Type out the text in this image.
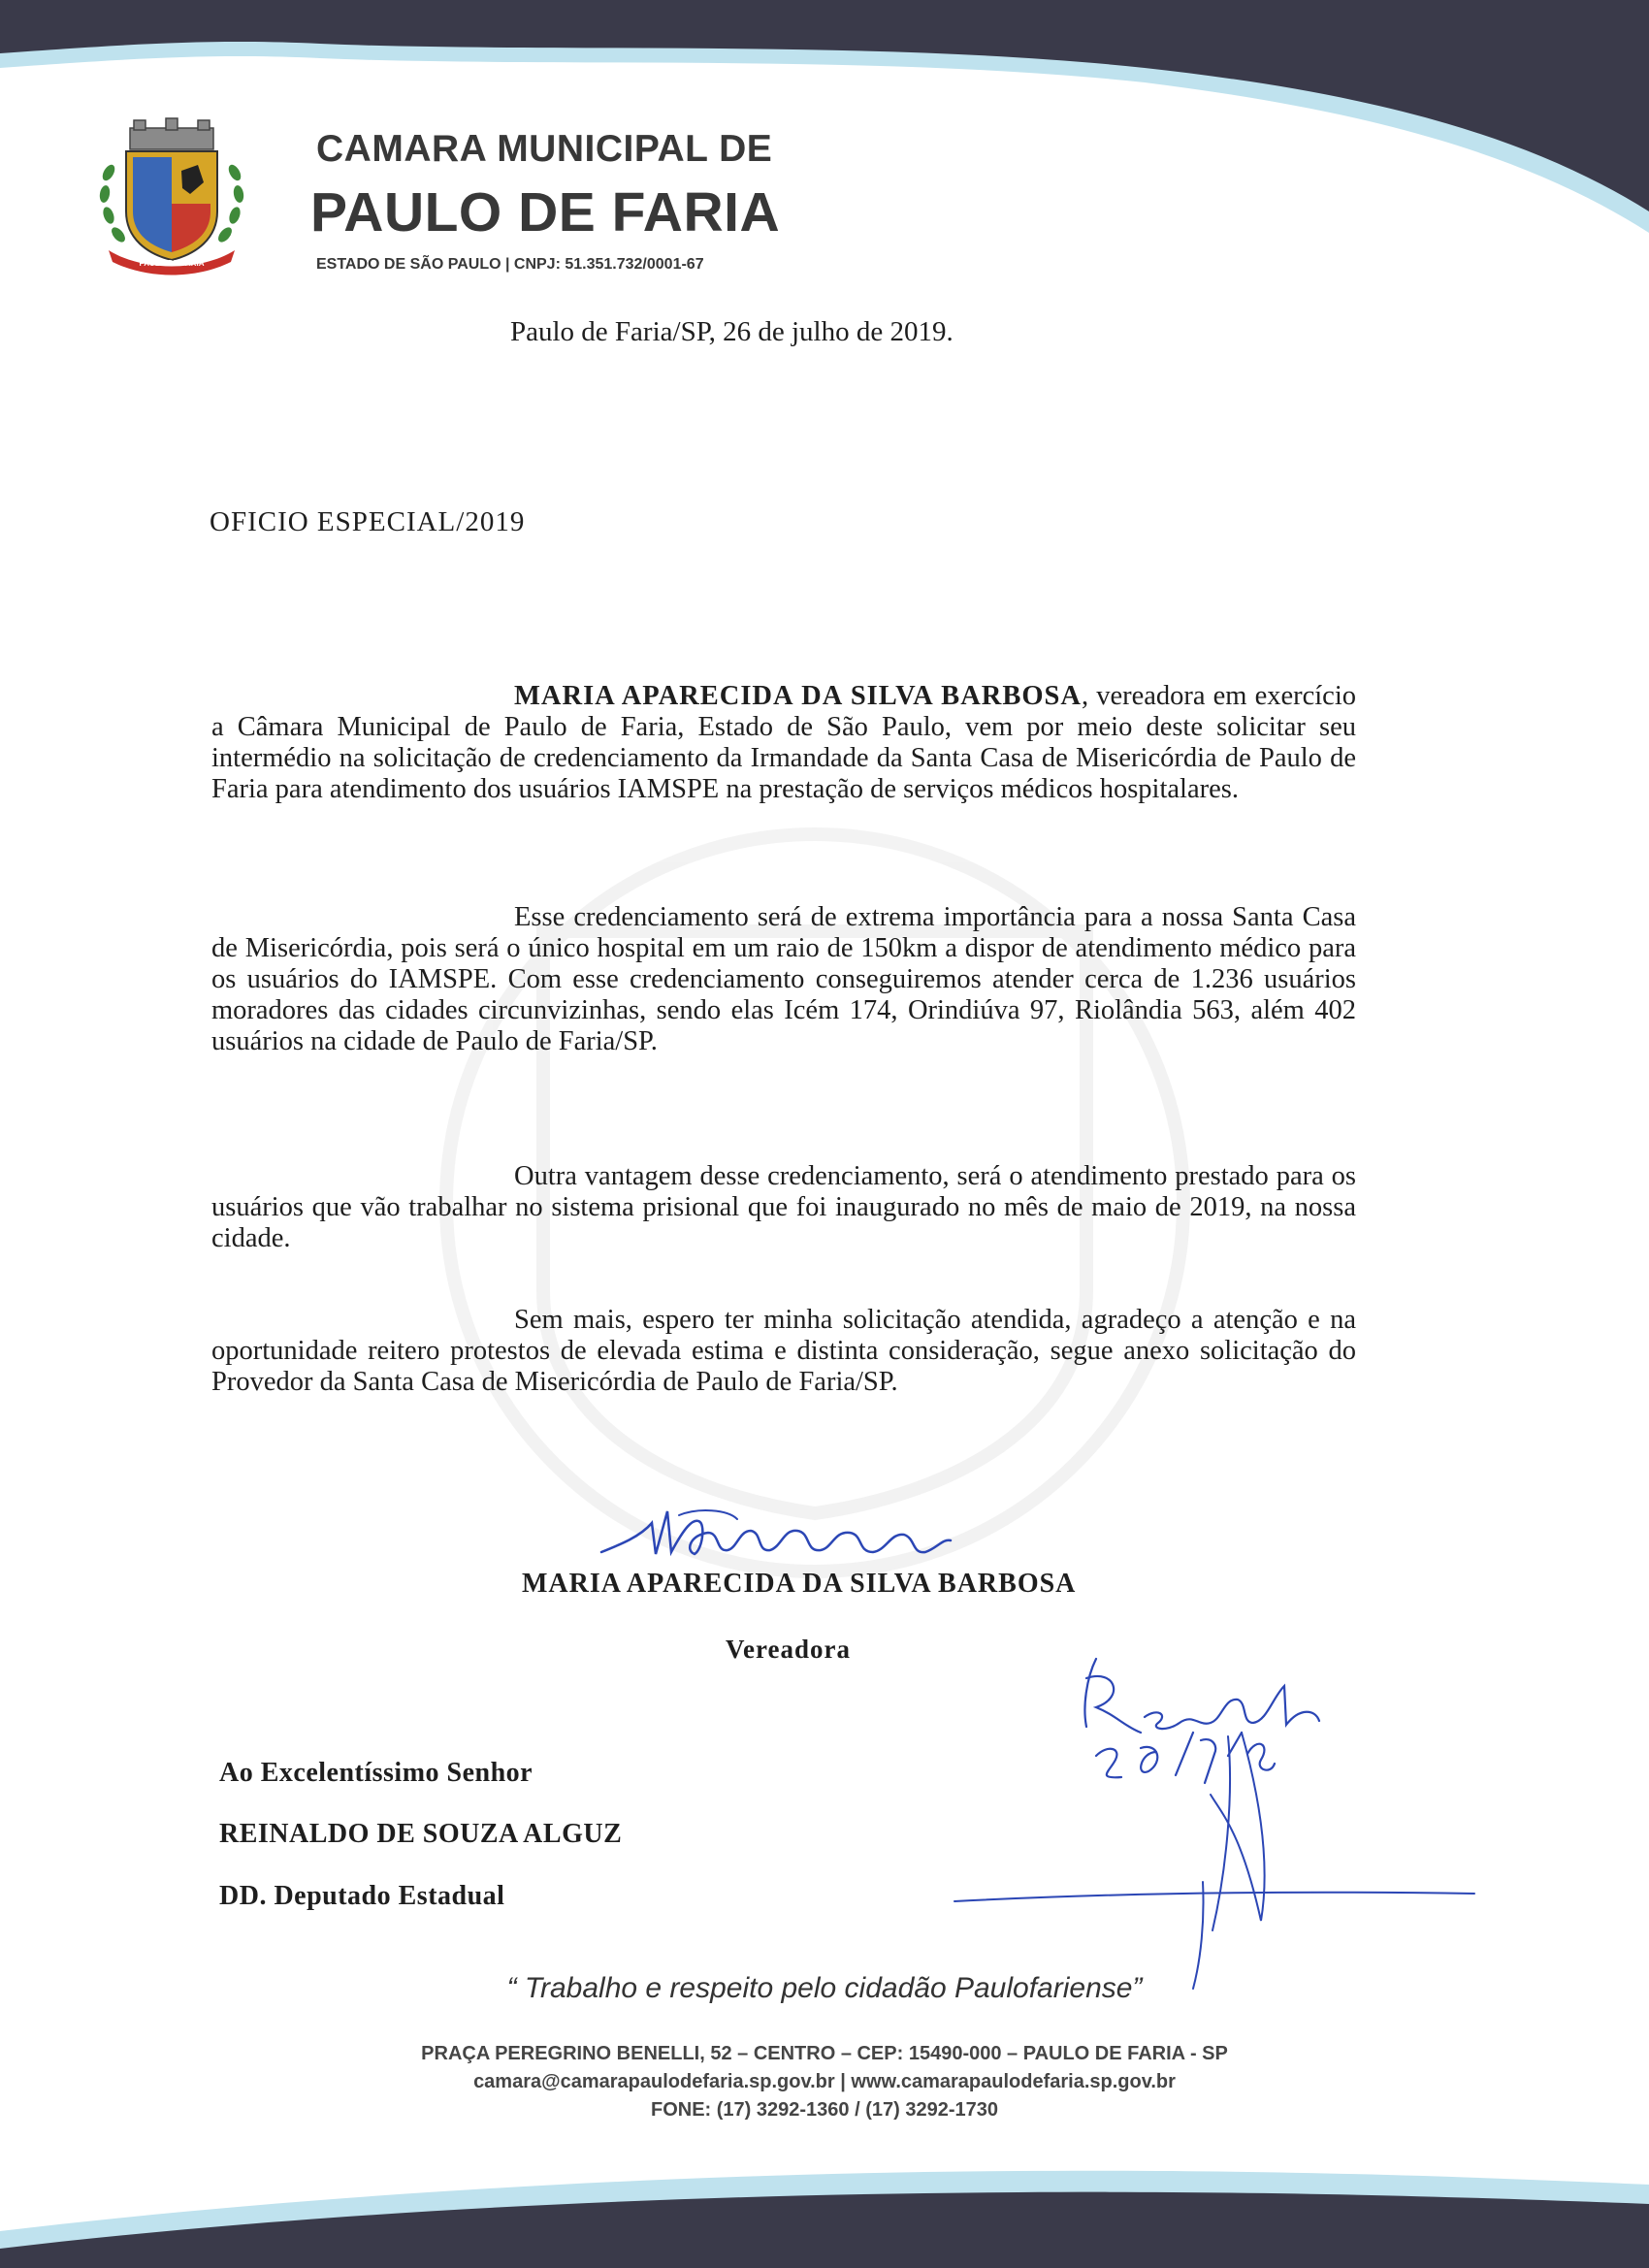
PAULO DE FARIA
CAMARA MUNICIPAL DE
PAULO DE FARIA
ESTADO DE SÃO PAULO | CNPJ: 51.351.732/0001-67
Paulo de Faria/SP, 26 de julho de 2019.
OFICIO ESPECIAL/2019
MARIA APARECIDA DA SILVA BARBOSA, vereadora em exercício a Câmara Municipal de Paulo de Faria, Estado de São Paulo, vem por meio deste solicitar seu intermédio na solicitação de credenciamento da Irmandade da Santa Casa de Misericórdia de Paulo de Faria para atendimento dos usuários IAMSPE na prestação de serviços médicos hospitalares.
Esse credenciamento será de extrema importância para a nossa Santa Casa de Misericórdia, pois será o único hospital em um raio de 150km a dispor de atendimento médico para os usuários do IAMSPE. Com esse credenciamento conseguiremos atender cerca de 1.236 usuários moradores das cidades circunvizinhas, sendo elas Icém 174, Orindiúva 97, Riolândia 563, além 402 usuários na cidade de Paulo de Faria/SP.
Outra vantagem desse credenciamento, será o atendimento prestado para os usuários que vão trabalhar no sistema prisional que foi inaugurado no mês de maio de 2019, na nossa cidade.
Sem mais, espero ter minha solicitação atendida, agradeço a atenção e na oportunidade reitero protestos de elevada estima e distinta consideração, segue anexo solicitação do Provedor da Santa Casa de Misericórdia de Paulo de Faria/SP.
MARIA APARECIDA DA SILVA BARBOSA
Vereadora
Ao Excelentíssimo Senhor
REINALDO DE SOUZA ALGUZ
DD. Deputado Estadual
“ Trabalho e respeito pelo cidadão Paulofariense”
PRAÇA PEREGRINO BENELLI, 52 – CENTRO – CEP: 15490-000 – PAULO DE FARIA - SP
camara@camarapaulodefaria.sp.gov.br | www.camarapaulodefaria.sp.gov.br
FONE: (17) 3292-1360 / (17) 3292-1730
